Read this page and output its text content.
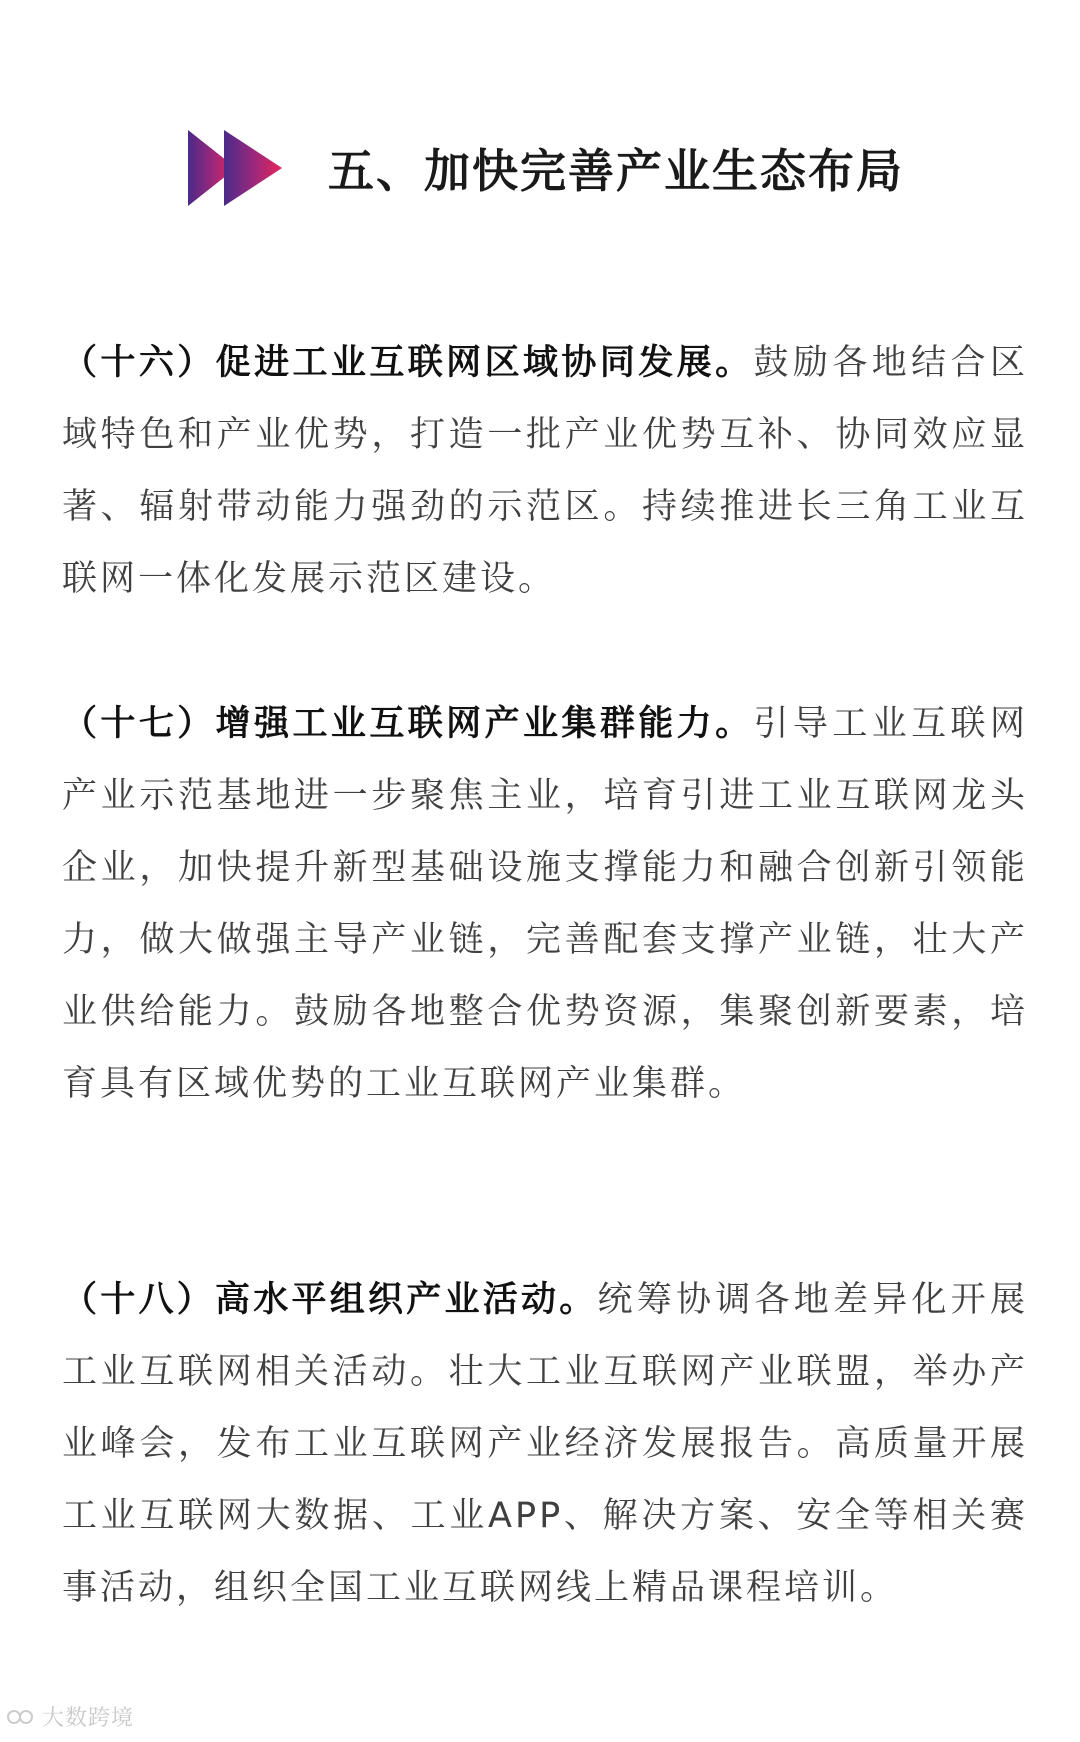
五、加快完善产业生态布局
（十六）促进工业互联网区域协同发展。鼓励各地结合区域特色和产业优势，打造一批产业优势互补、协同效应显著、辐射带动能力强劲的示范区。持续推进长三角工业互联网一体化发展示范区建设。
（十七）增强工业互联网产业集群能力。引导工业互联网产业示范基地进一步聚焦主业，培育引进工业互联网龙头企业，加快提升新型基础设施支撑能力和融合创新引领能力，做大做强主导产业链，完善配套支撑产业链，壮大产业供给能力。鼓励各地整合优势资源，集聚创新要素，培育具有区域优势的工业互联网产业集群。
（十八）高水平组织产业活动。统筹协调各地差异化开展工业互联网相关活动。壮大工业互联网产业联盟，举办产业峰会，发布工业互联网产业经济发展报告。高质量开展工业互联网大数据、工业APP、解决方案、安全等相关赛事活动，组织全国工业互联网线上精品课程培训。
大数跨境
